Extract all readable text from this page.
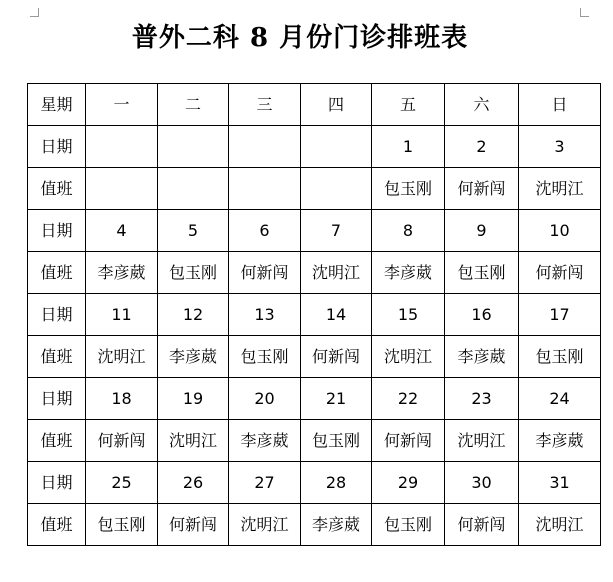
普外二科 8 月份门诊排班表
星期	一	二	三	四	五	六	日
日期					1	2	3
值班					包玉刚	何新闯	沈明江
日期	4	5	6	7	8	9	10
值班	李彦葳	包玉刚	何新闯	沈明江	李彦葳	包玉刚	何新闯
日期	11	12	13	14	15	16	17
值班	沈明江	李彦葳	包玉刚	何新闯	沈明江	李彦葳	包玉刚
日期	18	19	20	21	22	23	24
值班	何新闯	沈明江	李彦葳	包玉刚	何新闯	沈明江	李彦葳
日期	25	26	27	28	29	30	31
值班	包玉刚	何新闯	沈明江	李彦葳	包玉刚	何新闯	沈明江
